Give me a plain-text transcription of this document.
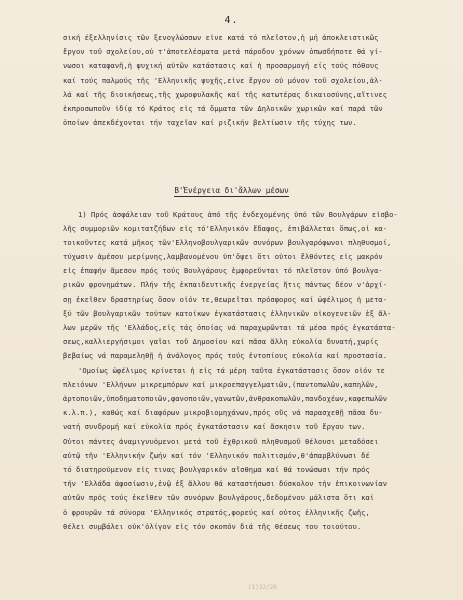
4.
σική έξελληνίσις τῶν ξενογλώσσων εἶνε κατά τό πλεῖστον,ἡ μή ἀποκλειστικῶς
ἔργον τοῦ σχολείου,οὐ τ'ἀποτελέσματα μετά πάροδον χρόνων ὁπωσδήποτε θά γί-
νωσοι καταφανῆ,ἡ ψυχική αὐτῶν κατάστασις καί ἡ προσαρμογή είς τούς πόθους
καί τούς παλμούς τῆς 'Ελληνικῆς ψυχῆς,εἶνε ἔργον οὐ μόνον τοῦ σχολείου,ἀλ-
λά καί τῆς διοικήσεως,τῆς χωροφυλακῆς καί τῆς κατωτέρας δικαιοσύνης,αἵτινες
ἐκπροσωποῦν ἰδίᾳ τό Κράτος εἰς τά ὄμματα τῶν Δηλοικῶν χωρικῶν καί παρά τῶν
ὁποίων ἀπεκδέχονται τήν ταχεῖαν καί ριζικήν βελτίωσιν τῆς τύχης των.
Β'Ἐνέργεια δι'ἄλλων μέσων
1) Πρός ἀσφάλειαν τοῦ Κράτους ἀπό τῆς ἐνδεχομένης ὑπό τῶν Βουλγάρων εἰσβο-
λῆς συμμοριῶν κομιτατζήδων εἰς τό'Ελληνικόν ἔδαφος, ἐπιβάλλεται ὅπως,οἱ κα-
τοικοῦντες κατά μῆκος τῶν'Ελληνοβουλγαρικῶν συνόρων βουλγαρόφωνοι πληθυσμοί,
τύχωσιν ἀμέσου μερίμνης,λαμβανομένου ὑπ'ὄψει ὅτι οὗτοι ἔλθόντες εἰς μακρόν
εἰς ἐπαφήν ἄμεσον πρός τούς Βουλγάρους ἐμφορεῦνται τό πλεῖστον ὑπό βουλγα-
ρικῶν φρονημάτων. Πλήν τῆς ἐκπαιδευτικῆς ἐνεργείας ἥτις πάντως δέον ν'ἀρχί-
σῃ ἐκεῖθεν δραστηρίως ὅσον οἷόν τε,θεωρεῖται πρόσφορος καί ὠφέλιμος ἡ μετα-
ξύ τῶν βουλγαρικῶν τούτων κατοίκων ἐγκατάστασις ἑλληνικῶν οἰκογενειῶν ἐξ ἄλ-
λων μερῶν τῆς 'Ελλάδος,εἰς τάς ὁποίας νά παραχωρῶνται τά μέσα πρός ἐγκατάστα-
σεως,καλλιεργήσιμοι γαῖαι τοῦ Δημοσίου καί πᾶσα ἄλλη εὐκολία δυνατή,χωρίς
βεβαίως νά παραμεληθῇ ἡ ἀνάλογος πρός τούς ἐντοπίους εὐκολία καί προστασία.
'Ομοίως ὠφέλιμος κρίνεται ἡ εἰς τά μέρη ταῦτα ἐγκατάστασις ὅσον οἷόν τε
πλειόνων 'Ελλήνων μικρεμπόρων καί μικροεπαγγελματιῶν,(παντοπωλῶν,καπηλῶν,
ἀρτοποιῶν,ὑποδηματοποιῶν,φανοποιῶν,γανωτῶν,ἀνθρακοπωλῶν,πανδοχέων,καφεπωλῶν
κ.λ.π.), καθώς καί διαφόρων μικροβιομηχάνων,πρός οὕς νά παρασχεθῇ πᾶσα δυ-
νατή συνδρομή καί εὐκολία πρός ἐγκατάστασιν καί ἄσκησιν τοῦ ἔργου των.
Οὗτοι πάντες ἀναμιγνυόμενοι μετά τοῦ ἐχθρικοῦ πληθυσμοῦ θέλουσι μεταδόσει
αὐτῷ τῆν 'Ελληνικήν ζωήν καί τόν 'Ελληνικόν πολιτισμόν,θ'ἀπαρβλύνωσι δέ
τό διατηρούμενον εἰς τινας βουλγαρικόν αἴσθημα καί θά τονώσωσι τήν πρός
τήν 'Ελλάδα ἀφοσίωσιν,ἐνῷ ἐξ ἄλλου θά καταστήσωσι δύσκολον τήν ἐπικοινωνίαν
αὐτῶν πρός τούς ἐκεῖθεν τῶν συνόρων βουλγάρους,δεδομένου μάλιστα ὅτι καί
ὁ φρουρῶν τά σύνορα 'Ελληνικός στρατός,φορεύς καί οὗτος ἑλληνικῆς ζωῆς,
θέλει συμβάλει οὐκ'ὀλίγον εἰς τόν σκοπόν διά τῆς θέσεως του τοιούτου.
(1)32/26
